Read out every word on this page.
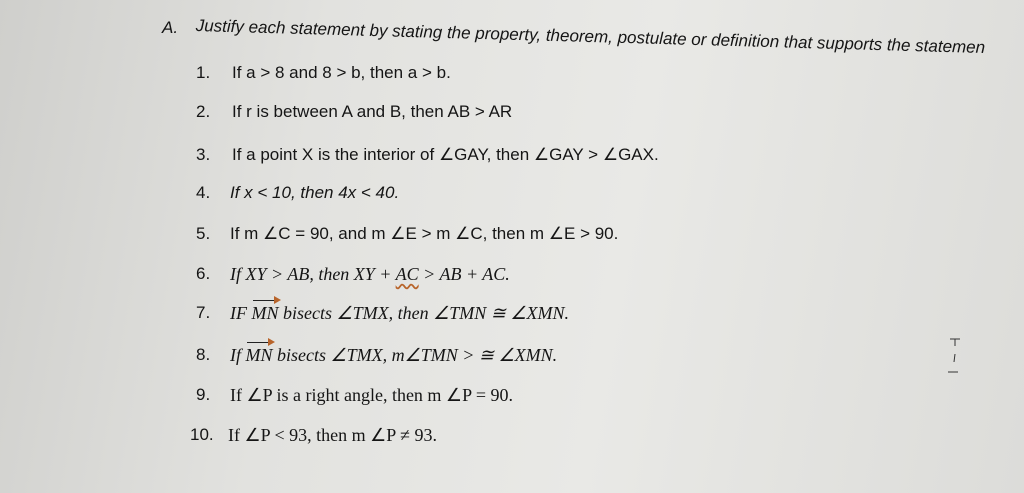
A. Justify each statement by stating the property, theorem, postulate or definition that supports the statemen
1. If a > 8 and 8 > b, then a > b.
2. If r is between A and B, then AB > AR
3. If a point X is the interior of ∠GAY, then ∠GAY > ∠GAX.
4. If x < 10, then 4x < 40.
5. If m ∠C = 90, and m ∠E > m ∠C, then m ∠E > 90.
6. If XY > AB, then XY + AC > AB + AC.
7. IF MN bisects ∠TMX, then ∠TMN ≅ ∠XMN.
8. If MN bisects ∠TMX, m∠TMN > ≅ ∠XMN.
9. If ∠P is a right angle, then m ∠P = 90.
10. If ∠P < 93, then m ∠P ≠ 93.
